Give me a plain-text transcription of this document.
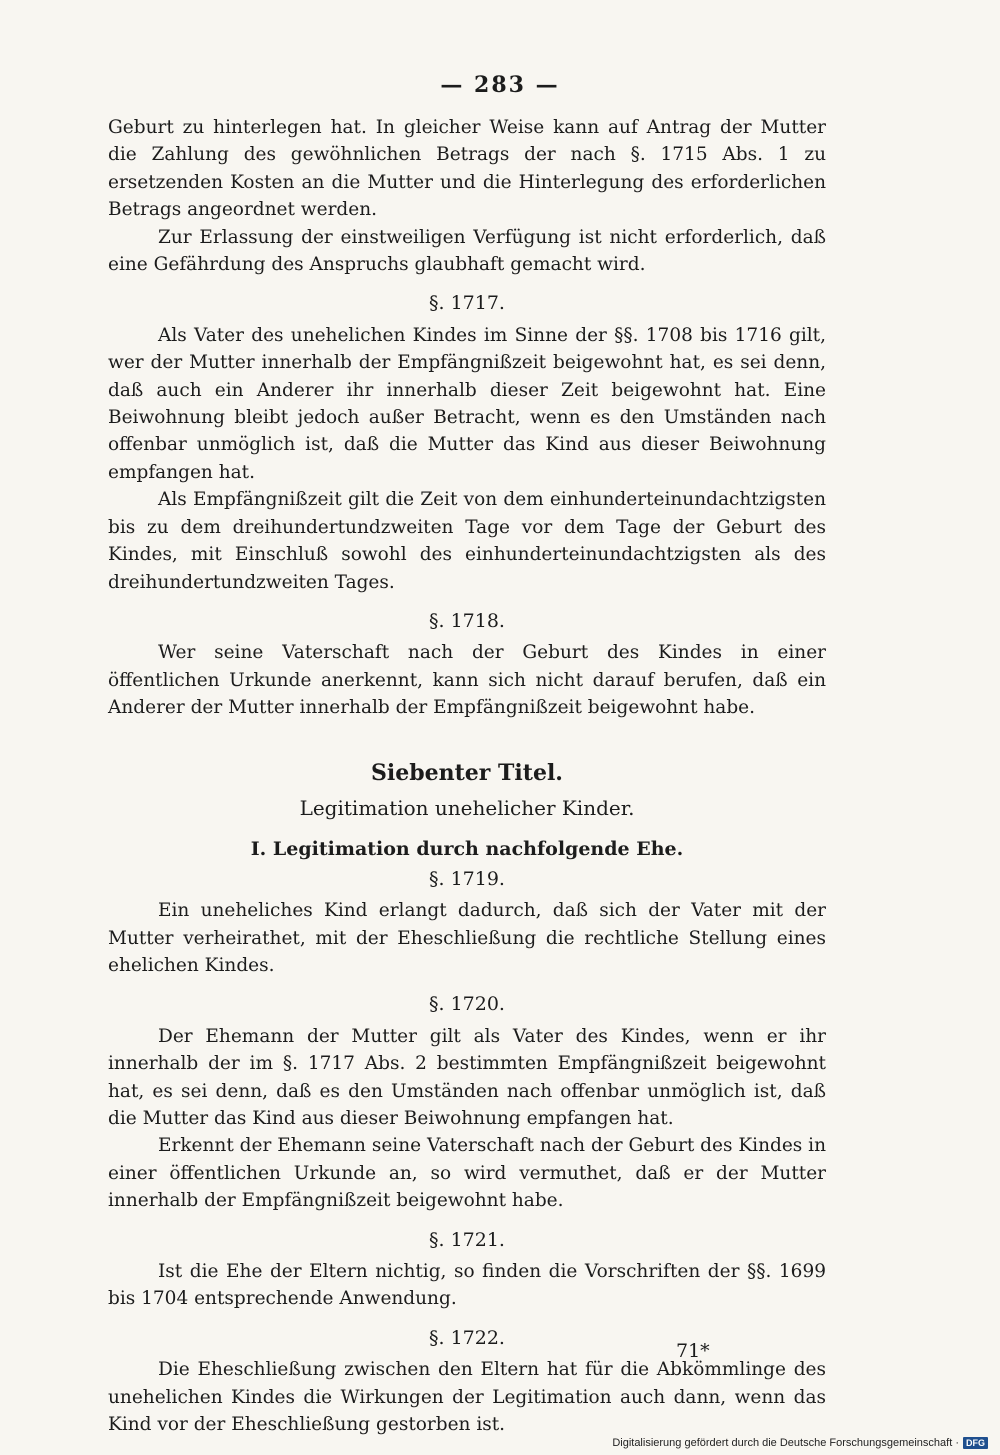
— 283 —

Geburt zu hinterlegen hat. In gleicher Weise kann auf Antrag der Mutter die Zahlung des gewöhnlichen Betrags der nach §. 1715 Abs. 1 zu ersetzenden Kosten an die Mutter und die Hinterlegung des erforderlichen Betrags angeordnet werden.

Zur Erlassung der einstweiligen Verfügung ist nicht erforderlich, daß eine Gefährdung des Anspruchs glaubhaft gemacht wird.

§. 1717.

Als Vater des unehelichen Kindes im Sinne der §§. 1708 bis 1716 gilt, wer der Mutter innerhalb der Empfängnißzeit beigewohnt hat, es sei denn, daß auch ein Anderer ihr innerhalb dieser Zeit beigewohnt hat. Eine Beiwohnung bleibt jedoch außer Betracht, wenn es den Umständen nach offenbar unmöglich ist, daß die Mutter das Kind aus dieser Beiwohnung empfangen hat.

Als Empfängnißzeit gilt die Zeit von dem einhunderteinundachtzigsten bis zu dem dreihundertundzweiten Tage vor dem Tage der Geburt des Kindes, mit Einschluß sowohl des einhunderteinundachtzigsten als des dreihundertundzweiten Tages.

§. 1718.

Wer seine Vaterschaft nach der Geburt des Kindes in einer öffentlichen Urkunde anerkennt, kann sich nicht darauf berufen, daß ein Anderer der Mutter innerhalb der Empfängnißzeit beigewohnt habe.

Siebenter Titel.
Legitimation unehelicher Kinder.
I. Legitimation durch nachfolgende Ehe.
§. 1719.

Ein uneheliches Kind erlangt dadurch, daß sich der Vater mit der Mutter verheirathet, mit der Eheschließung die rechtliche Stellung eines ehelichen Kindes.

§. 1720.

Der Ehemann der Mutter gilt als Vater des Kindes, wenn er ihr innerhalb der im §. 1717 Abs. 2 bestimmten Empfängnißzeit beigewohnt hat, es sei denn, daß es den Umständen nach offenbar unmöglich ist, daß die Mutter das Kind aus dieser Beiwohnung empfangen hat.

Erkennt der Ehemann seine Vaterschaft nach der Geburt des Kindes in einer öffentlichen Urkunde an, so wird vermuthet, daß er der Mutter innerhalb der Empfängnißzeit beigewohnt habe.

§. 1721.

Ist die Ehe der Eltern nichtig, so finden die Vorschriften der §§. 1699 bis 1704 entsprechende Anwendung.

§. 1722.

Die Eheschließung zwischen den Eltern hat für die Abkömmlinge des unehelichen Kindes die Wirkungen der Legitimation auch dann, wenn das Kind vor der Eheschließung gestorben ist.

71*
Digitalisierung gefördert durch die Deutsche Forschungsgemeinschaft · DFG
